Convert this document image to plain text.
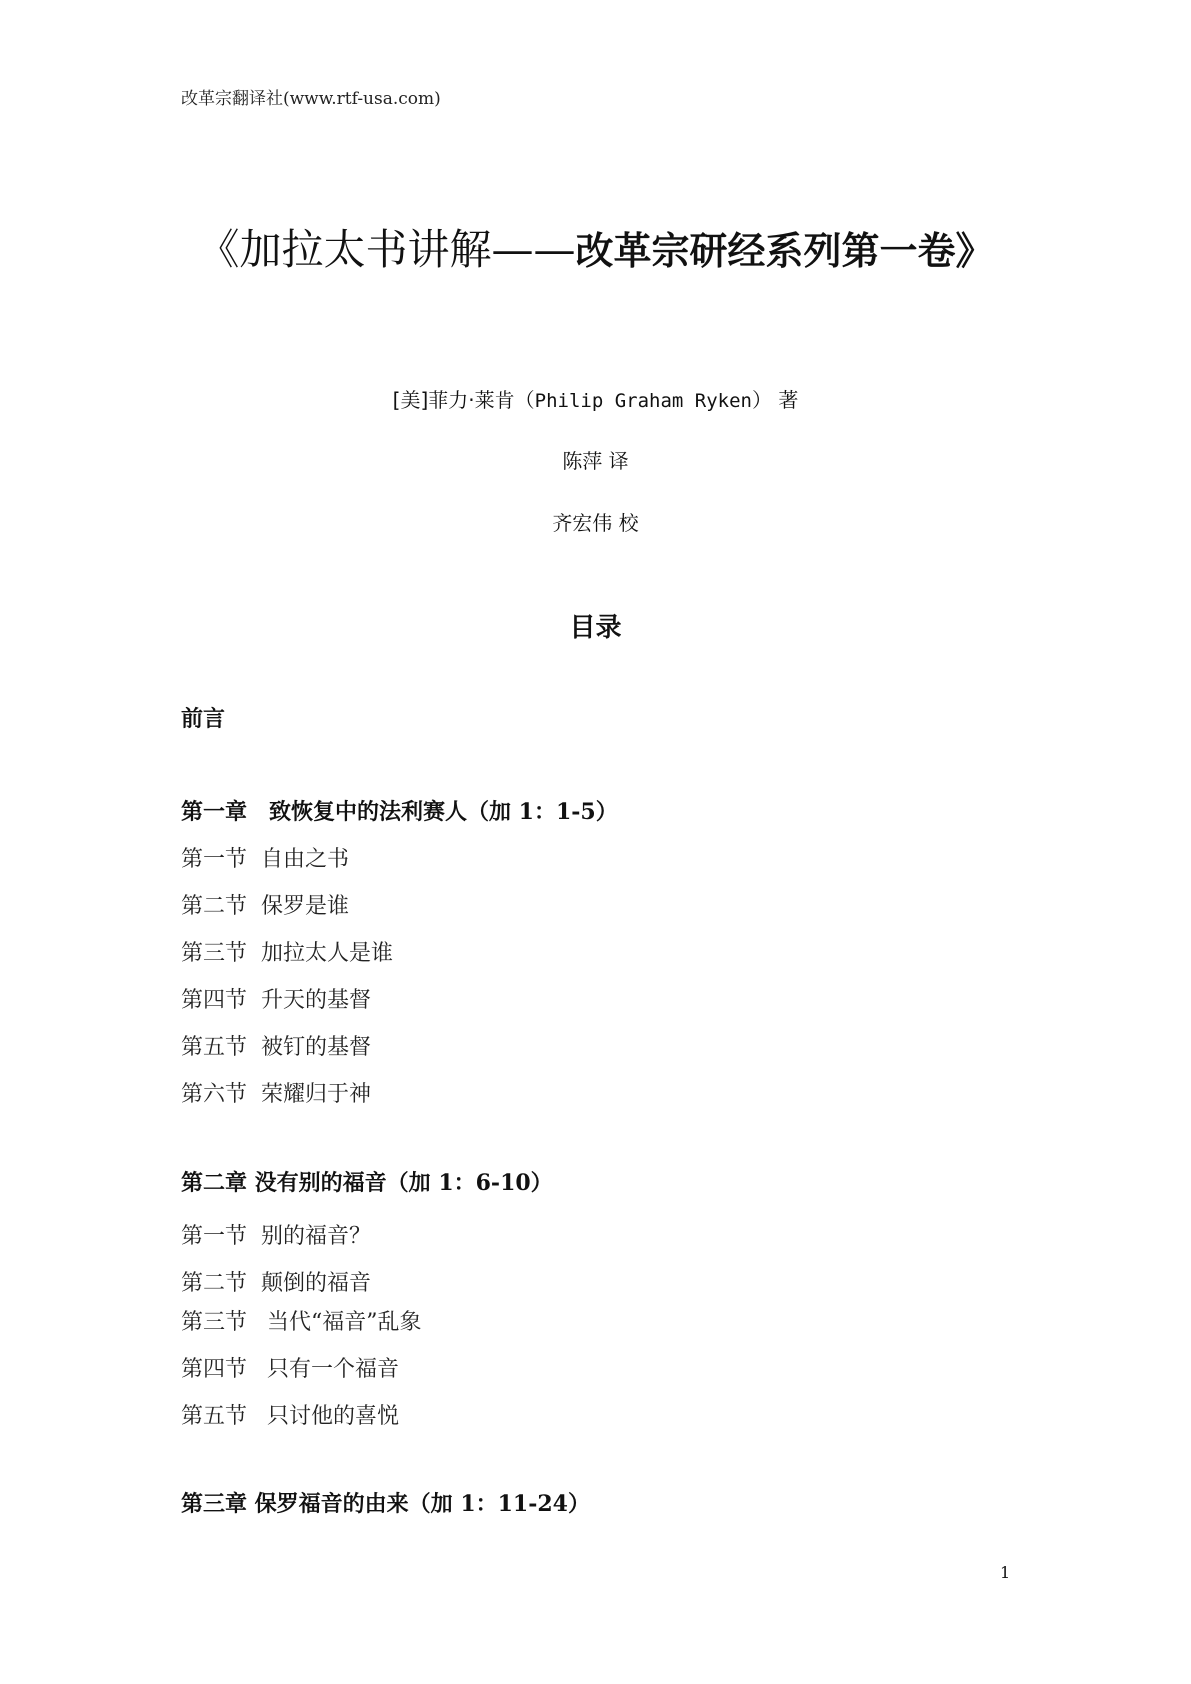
改革宗翻译社(www.rtf-usa.com)
《加拉太书讲解——改革宗研经系列第一卷》
[美]菲力·莱肯（Philip Graham Ryken） 著
陈萍 译
齐宏伟 校
目录
前言
第一章　致恢复中的法利赛人（加 1：1-5）
第一节 自由之书
第二节 保罗是谁
第三节 加拉太人是谁
第四节 升天的基督
第五节 被钉的基督
第六节 荣耀归于神
第二章 没有别的福音（加 1：6-10）
第一节 别的福音？
第二节 颠倒的福音
第三节 当代“福音”乱象
第四节 只有一个福音
第五节 只讨他的喜悦
第三章 保罗福音的由来（加 1：11-24）
1
